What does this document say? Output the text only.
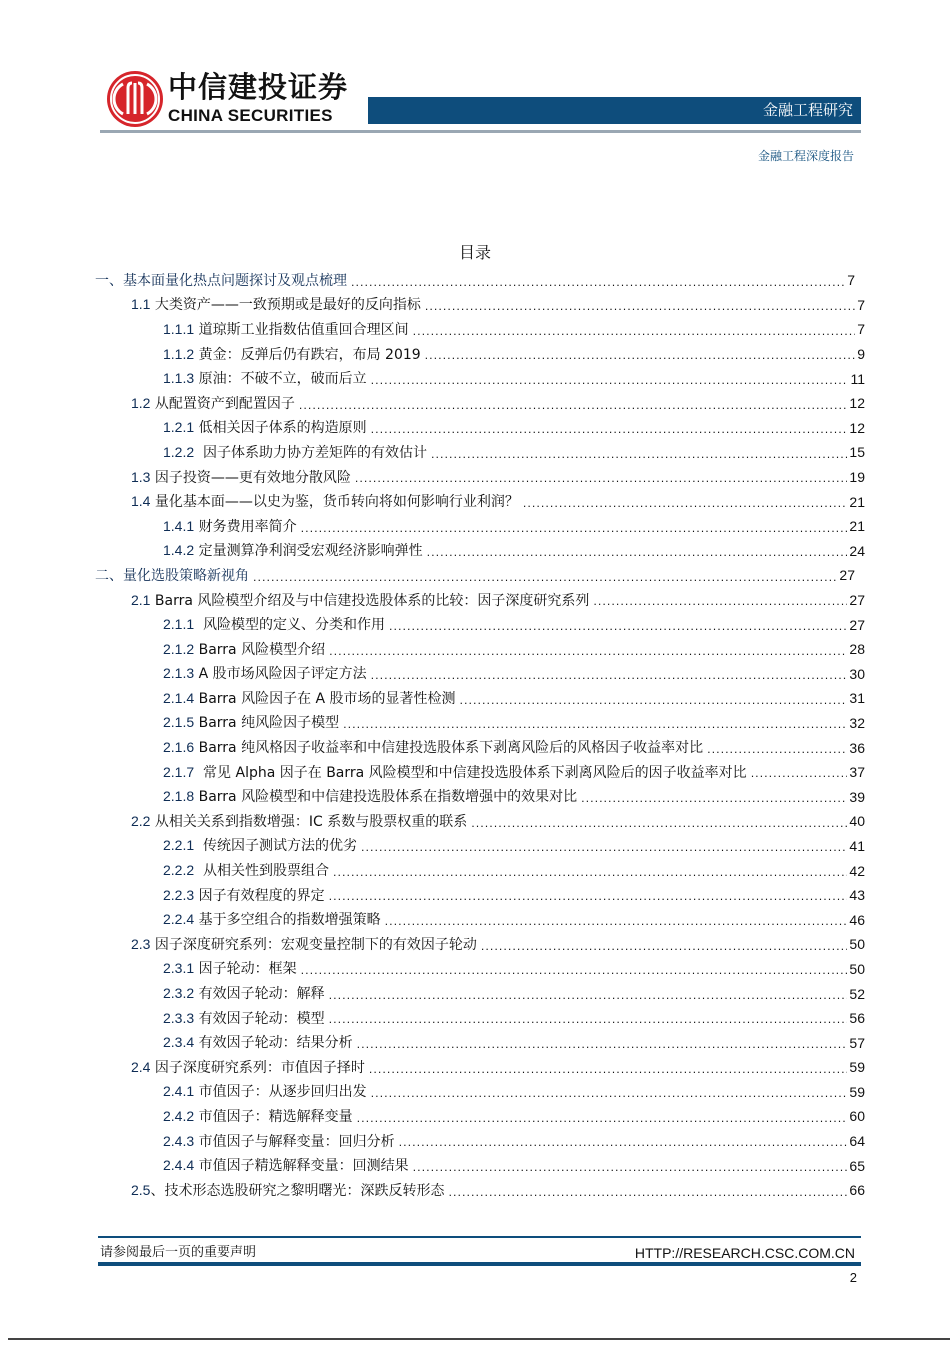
中信建投证券
CHINA SECURITIES	金融工程研究
金融工程深度报告
目录
一、基本面量化热点问题探讨及观点梳理 .....	7
1.1 大类资产——一致预期或是最好的反向指标 .....	7
1.1.1 道琼斯工业指数估值重回合理区间 .....	7
1.1.2 黄金：反弹后仍有跌宕，布局 2019 .....	9
1.1.3 原油：不破不立，破而后立 .....	11
1.2 从配置资产到配置因子 .....	12
1.2.1 低相关因子体系的构造原则 .....	12
1.2.2  因子体系助力协方差矩阵的有效估计 .....	15
1.3 因子投资——更有效地分散风险 .....	19
1.4 量化基本面——以史为鉴，货币转向将如何影响行业利润？ .....	21
1.4.1 财务费用率简介 .....	21
1.4.2 定量测算净利润受宏观经济影响弹性 .....	24
二、量化选股策略新视角 .....	27
2.1 Barra 风险模型介绍及与中信建投选股体系的比较：因子深度研究系列 .....	27
2.1.1  风险模型的定义、分类和作用 .....	27
2.1.2 Barra 风险模型介绍 .....	28
2.1.3 A 股市场风险因子评定方法 .....	30
2.1.4 Barra 风险因子在 A 股市场的显著性检测 .....	31
2.1.5 Barra 纯风险因子模型 .....	32
2.1.6 Barra 纯风格因子收益率和中信建投选股体系下剥离风险后的风格因子收益率对比 .....	36
2.1.7  常见 Alpha 因子在 Barra 风险模型和中信建投选股体系下剥离风险后的因子收益率对比 .....	37
2.1.8 Barra 风险模型和中信建投选股体系在指数增强中的效果对比 .....	39
2.2 从相关关系到指数增强：IC 系数与股票权重的联系 .....	40
2.2.1  传统因子测试方法的优劣 .....	41
2.2.2  从相关性到股票组合 .....	42
2.2.3 因子有效程度的界定 .....	43
2.2.4 基于多空组合的指数增强策略 .....	46
2.3 因子深度研究系列：宏观变量控制下的有效因子轮动 .....	50
2.3.1 因子轮动：框架 .....	50
2.3.2 有效因子轮动：解释 .....	52
2.3.3 有效因子轮动：模型 .....	56
2.3.4 有效因子轮动：结果分析 .....	57
2.4 因子深度研究系列：市值因子择时 .....	59
2.4.1 市值因子：从逐步回归出发 .....	59
2.4.2 市值因子：精选解释变量 .....	60
2.4.3 市值因子与解释变量：回归分析 .....	64
2.4.4 市值因子精选解释变量：回测结果 .....	65
2.5、技术形态选股研究之黎明曙光：深跌反转形态 .....	66
请参阅最后一页的重要声明	HTTP://RESEARCH.CSC.COM.CN
2
